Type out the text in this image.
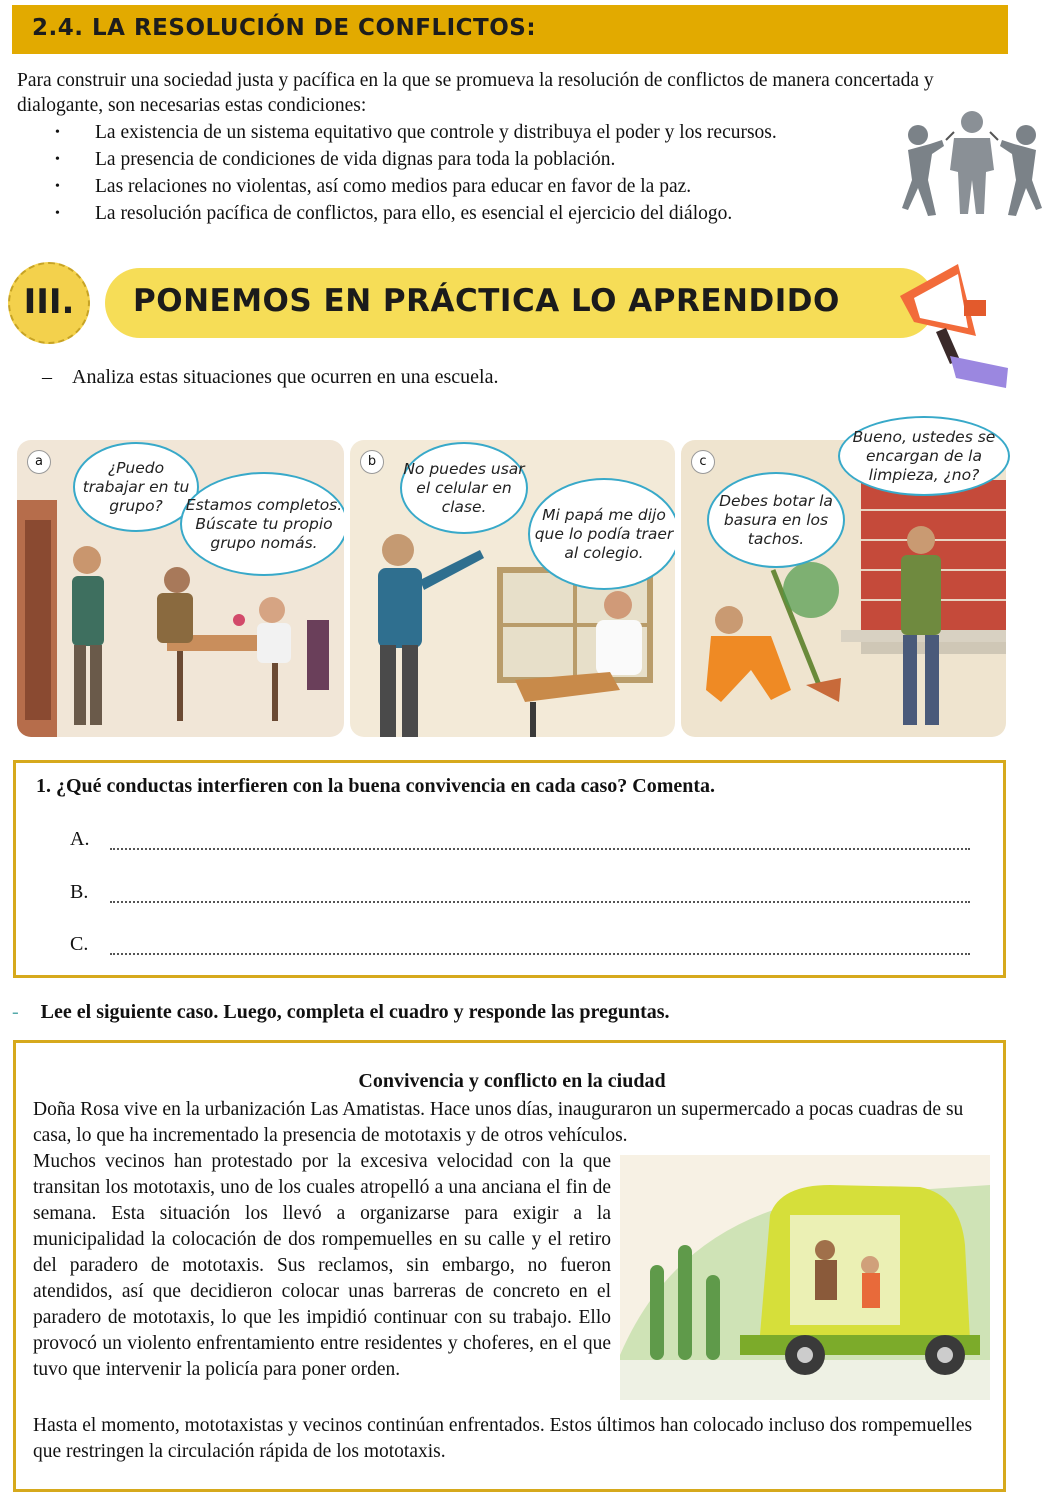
2.4. LA RESOLUCIÓN DE CONFLICTOS:
Para construir una sociedad justa y pacífica en la que se promueva la resolución de conflictos de manera concertada y dialogante, son necesarias estas condiciones:
• La existencia de un sistema equitativo que controle y distribuya el poder y los recursos.
• La presencia de condiciones de vida dignas para toda la población.
• Las relaciones no violentas, así como medios para educar en favor de la paz.
• La resolución pacífica de conflictos, para ello, es esencial el ejercicio del diálogo.
III.	PONEMOS EN PRÁCTICA LO APRENDIDO
–    Analiza estas situaciones que ocurren en una escuela.
a	¿Puedo trabajar en tu grupo?	Estamos completos. Búscate tu propio grupo nomás.
b	No puedes usar el celular en clase.	Mi papá me dijo que lo podía traer al colegio.
c
Debes botar la basura en los tachos.
Bueno, ustedes se encargan de la limpieza, ¿no?
1. ¿Qué conductas interfieren con la buena convivencia en cada caso? Comenta.
A.
B.
C.
- Lee el siguiente caso. Luego, completa el cuadro y responde las preguntas.
Convivencia y conflicto en la ciudad
Doña Rosa vive en la urbanización Las Amatistas. Hace unos días, inauguraron un supermercado a pocas cuadras de su casa, lo que ha incrementado la presencia de mototaxis y de otros vehículos.
Muchos vecinos han protestado por la excesiva velocidad con la que transitan los mototaxis, uno de los cuales atropelló a una anciana el fin de semana. Esta situación los llevó a organizarse para exigir a la municipalidad la colocación de dos rompemuelles en su calle y el retiro del paradero de mototaxis. Sus reclamos, sin embargo, no fueron atendidos, así que decidieron colocar unas barreras de concreto en el paradero de mototaxis, lo que les impidió continuar con su trabajo. Ello provocó un violento enfrentamiento entre residentes y choferes, en el que tuvo que intervenir la policía para poner orden.
Hasta el momento, mototaxistas y vecinos continúan enfrentados. Estos últimos han colocado incluso dos rompemuelles que restringen la circulación rápida de los mototaxis.
